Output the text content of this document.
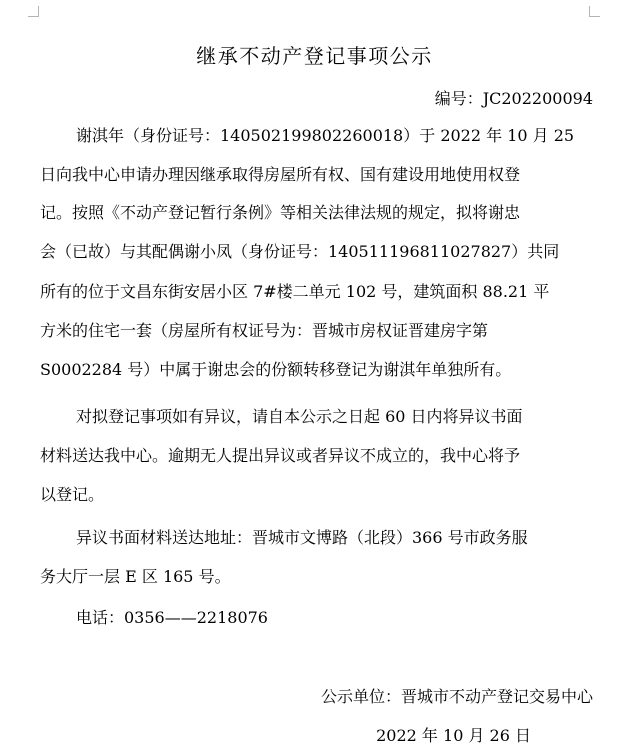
继承不动产登记事项公示
编号：JC202200094
谢淇年（身份证号：140502199802260018）于 2022 年 10 月 25
日向我中心申请办理因继承取得房屋所有权、国有建设用地使用权登
记。按照《不动产登记暂行条例》等相关法律法规的规定，拟将谢忠
会（已故）与其配偶谢小凤（身份证号：140511196811027827）共同
所有的位于文昌东街安居小区 7#楼二单元 102 号，建筑面积 88.21 平
方米的住宅一套（房屋所有权证号为：晋城市房权证晋建房字第
S0002284 号）中属于谢忠会的份额转移登记为谢淇年单独所有。
对拟登记事项如有异议，请自本公示之日起 60 日内将异议书面
材料送达我中心。逾期无人提出异议或者异议不成立的，我中心将予
以登记。
异议书面材料送达地址：晋城市文博路（北段）366 号市政务服
务大厅一层 E 区 165 号。
电话：0356——2218076
公示单位：晋城市不动产登记交易中心
2022 年 10 月 26 日
